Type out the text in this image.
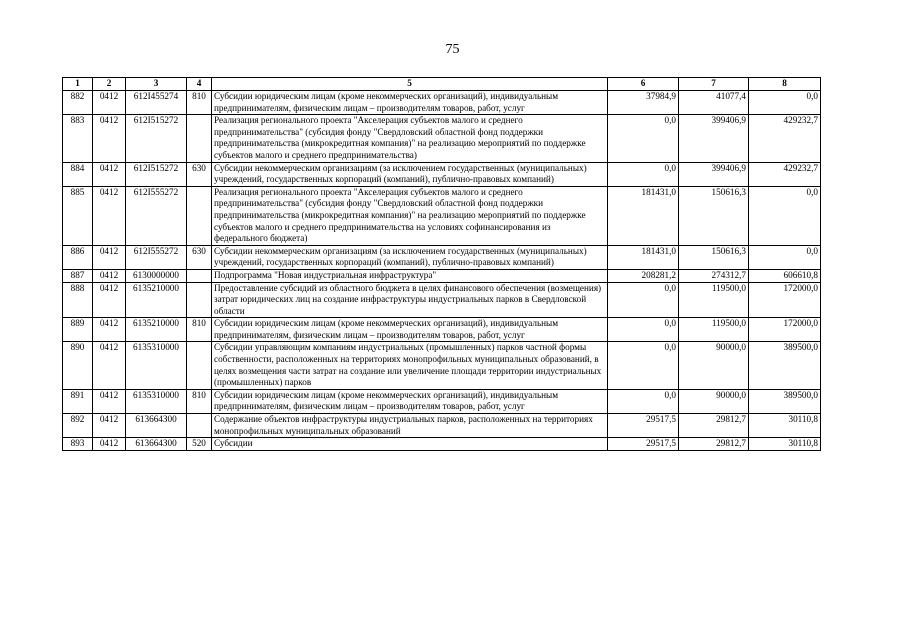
75
1	2	3	4	5	6	7	8
882	0412	612I455274	810	Субсидии юридическим лицам (кроме некоммерческих организаций), индивидуальным предпринимателям, физическим лицам – производителям товаров, работ, услуг	37984,9	41077,4	0,0
883	0412	612I515272		Реализация регионального проекта "Акселерация субъектов малого и среднего предпринимательства" (субсидия фонду "Свердловский областной фонд поддержки предпринимательства (микрокредитная компания)" на реализацию мероприятий по поддержке субъектов малого и среднего предпринимательства)	0,0	399406,9	429232,7
884	0412	612I515272	630	Субсидии некоммерческим организациям (за исключением государственных (муниципальных) учреждений, государственных корпораций (компаний), публично-правовых компаний)	0,0	399406,9	429232,7
885	0412	612I555272		Реализация регионального проекта "Акселерация субъектов малого и среднего предпринимательства" (субсидия фонду "Свердловский областной фонд поддержки предпринимательства (микрокредитная компания)" на реализацию мероприятий по поддержке субъектов малого и среднего предпринимательства на условиях софинансирования из федерального бюджета)	181431,0	150616,3	0,0
886	0412	612I555272	630	Субсидии некоммерческим организациям (за исключением государственных (муниципальных) учреждений, государственных корпораций (компаний), публично-правовых компаний)	181431,0	150616,3	0,0
887	0412	6130000000		Подпрограмма "Новая индустриальная инфраструктура"	208281,2	274312,7	606610,8
888	0412	6135210000		Предоставление субсидий из областного бюджета в целях финансового обеспечения (возмещения) затрат юридических лиц на создание инфраструктуры индустриальных парков в Свердловской области	0,0	119500,0	172000,0
889	0412	6135210000	810	Субсидии юридическим лицам (кроме некоммерческих организаций), индивидуальным предпринимателям, физическим лицам – производителям товаров, работ, услуг	0,0	119500,0	172000,0
890	0412	6135310000		Субсидии управляющим компаниям индустриальных (промышленных) парков частной формы собственности, расположенных на территориях монопрофильных муниципальных образований, в целях возмещения части затрат на создание или увеличение площади территории индустриальных (промышленных) парков	0,0	90000,0	389500,0
891	0412	6135310000	810	Субсидии юридическим лицам (кроме некоммерческих организаций), индивидуальным предпринимателям, физическим лицам – производителям товаров, работ, услуг	0,0	90000,0	389500,0
892	0412	613664З00		Содержание объектов инфраструктуры индустриальных парков, расположенных на территориях монопрофильных муниципальных образований	29517,5	29812,7	30110,8
893	0412	613664З00	520	Субсидии	29517,5	29812,7	30110,8
